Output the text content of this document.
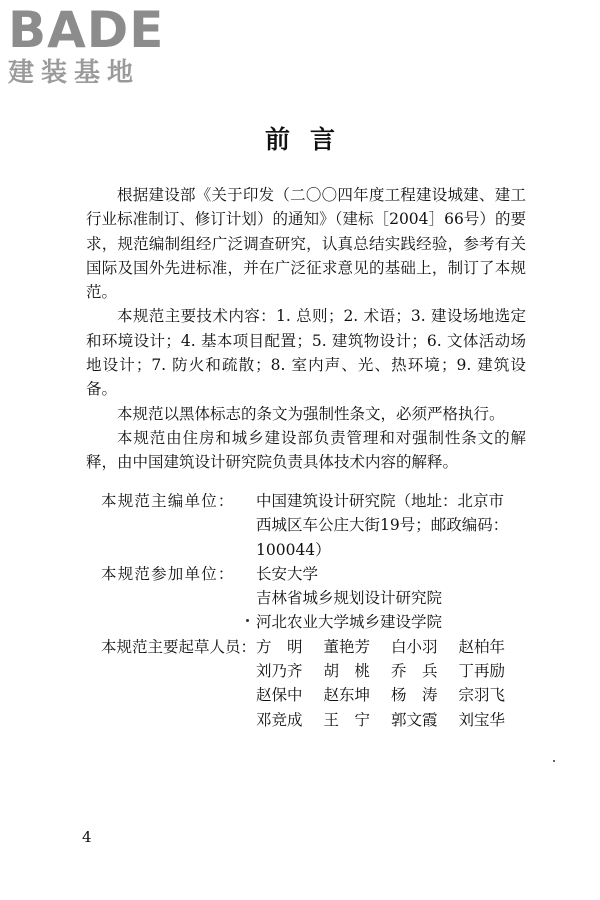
BADE
建装基地
前言

根据建设部《关于印发（二〇〇四年度工程建设城建、建工行业标准制订、修订计划）的通知》（建标［2004］66号）的要求，规范编制组经广泛调查研究，认真总结实践经验，参考有关国际及国外先进标准，并在广泛征求意见的基础上，制订了本规范。

本规范主要技术内容：1. 总则；2. 术语；3. 建设场地选定和环境设计；4. 基本项目配置；5. 建筑物设计；6. 文体活动场地设计；7. 防火和疏散；8. 室内声、光、热环境；9. 建筑设备。

本规范以黑体标志的条文为强制性条文，必须严格执行。

本规范由住房和城乡建设部负责管理和对强制性条文的解释，由中国建筑设计研究院负责具体技术内容的解释。

本规范主编单位：	中国建筑设计研究院（地址：北京市
西城区车公庄大街19号；邮政编码：
100044）
本规范参加单位：	长安大学
吉林省城乡规划设计研究院
河北农业大学城乡建设学院
本规范主要起草人员： 方　明	董艳芳	白小羽	赵柏年
刘乃齐	胡　桃	乔　兵	丁再励
赵保中	赵东坤	杨　涛	宗羽飞
邓竞成	王　宁	郭文霞	刘宝华
4
